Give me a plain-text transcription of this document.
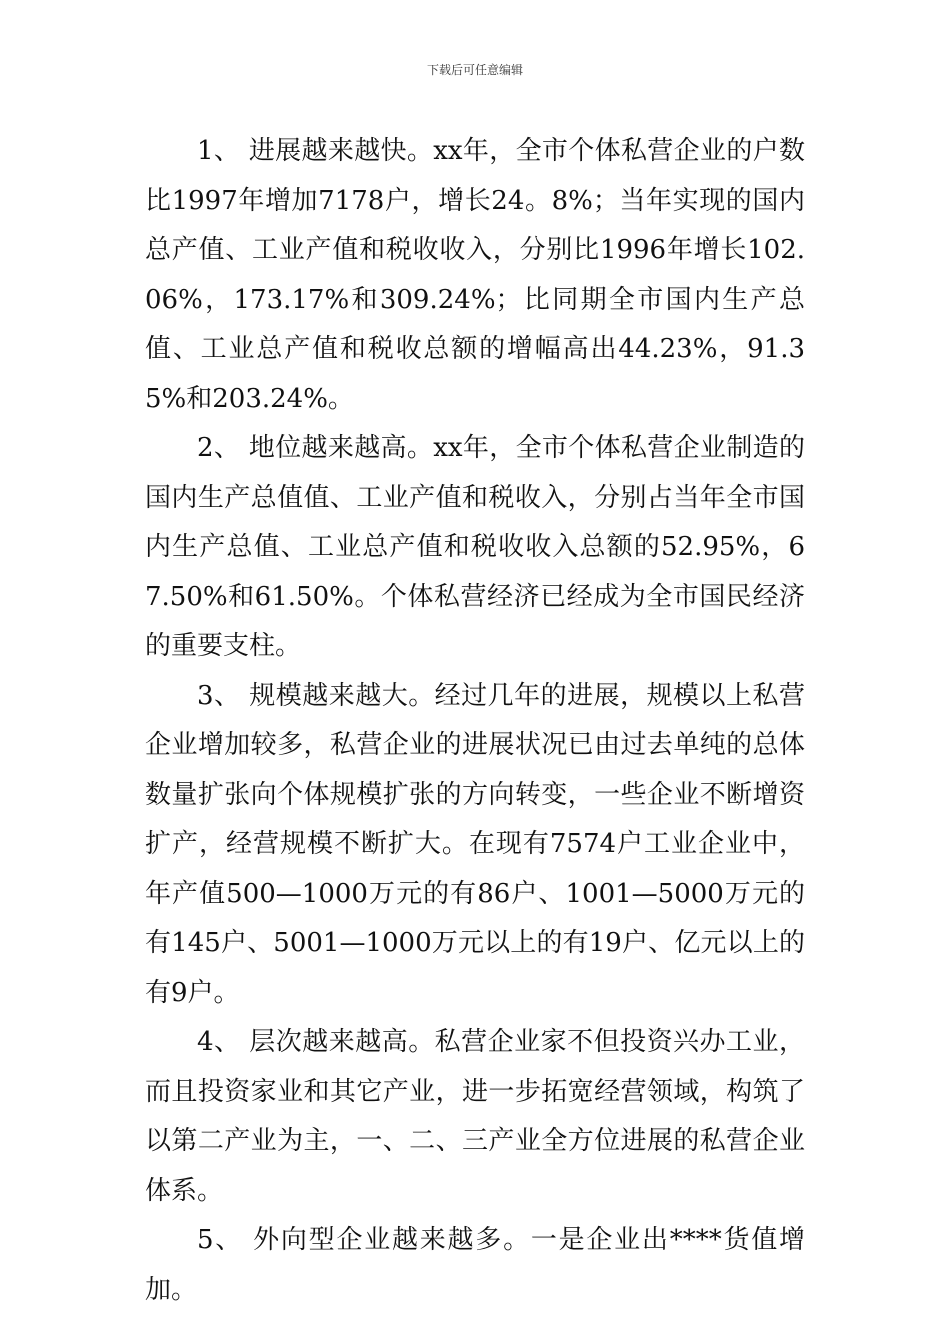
下载后可任意编辑

1、 进展越来越快。xx年，全市个体私营企业的户数比1997年增加7178户，增长24。8%；当年实现的国内总产值、工业产值和税收收入，分别比1996年增长102.06%，173.17%和309.24%；比同期全市国内生产总值、工业总产值和税收总额的增幅高出44.23%，91.35%和203.24%。

2、 地位越来越高。xx年，全市个体私营企业制造的国内生产总值值、工业产值和税收入，分别占当年全市国内生产总值、工业总产值和税收收入总额的52.95%，67.50%和61.50%。个体私营经济已经成为全市国民经济的重要支柱。

3、 规模越来越大。经过几年的进展，规模以上私营企业增加较多，私营企业的进展状况已由过去单纯的总体数量扩张向个体规模扩张的方向转变，一些企业不断增资扩产，经营规模不断扩大。在现有7574户工业企业中，年产值500—1000万元的有86户、1001—5000万元的有145户、5001—1000万元以上的有19户、亿元以上的有9户。

4、 层次越来越高。私营企业家不但投资兴办工业，而且投资家业和其它产业，进一步拓宽经营领域，构筑了以第二产业为主，一、二、三产业全方位进展的私营企业体系。

5、 外向型企业越来越多。一是企业出****货值增加。
